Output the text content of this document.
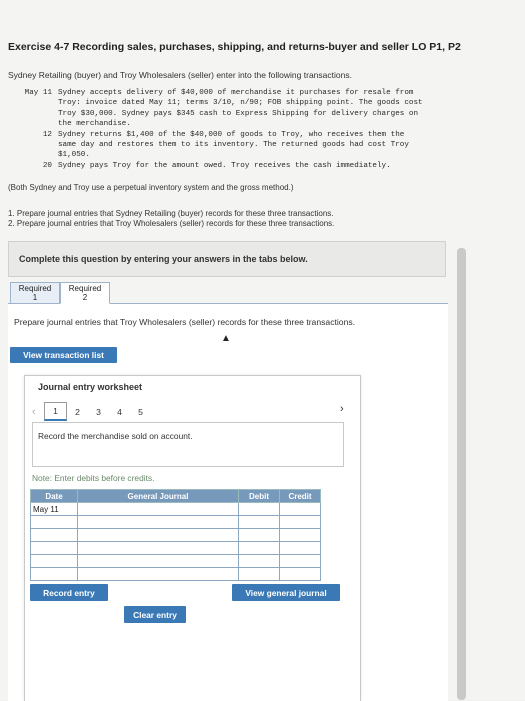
Exercise 4-7 Recording sales, purchases, shipping, and returns-buyer and seller LO P1, P2
Sydney Retailing (buyer) and Troy Wholesalers (seller) enter into the following transactions.
May 11 Sydney accepts delivery of $40,000 of merchandise it purchases for resale from
Troy: invoice dated May 11; terms 3/10, n/90; FOB shipping point. The goods cost
Troy $30,000. Sydney pays $345 cash to Express Shipping for delivery charges on
the merchandise.
12 Sydney returns $1,400 of the $40,000 of goods to Troy, who receives them the
same day and restores them to its inventory. The returned goods had cost Troy
$1,050.
20 Sydney pays Troy for the amount owed. Troy receives the cash immediately.
(Both Sydney and Troy use a perpetual inventory system and the gross method.)
1. Prepare journal entries that Sydney Retailing (buyer) records for these three transactions.
2. Prepare journal entries that Troy Wholesalers (seller) records for these three transactions.
Complete this question by entering your answers in the tabs below.
Required
1
Required
2
Prepare journal entries that Troy Wholesalers (seller) records for these three transactions.
▲
View transaction list
Journal entry worksheet
‹	1	2	3	4	5	›
Record the merchandise sold on account.
Note: Enter debits before credits.
Date	General Journal	Debit	Credit
May 11			

Record entry	View general journal
Clear entry
